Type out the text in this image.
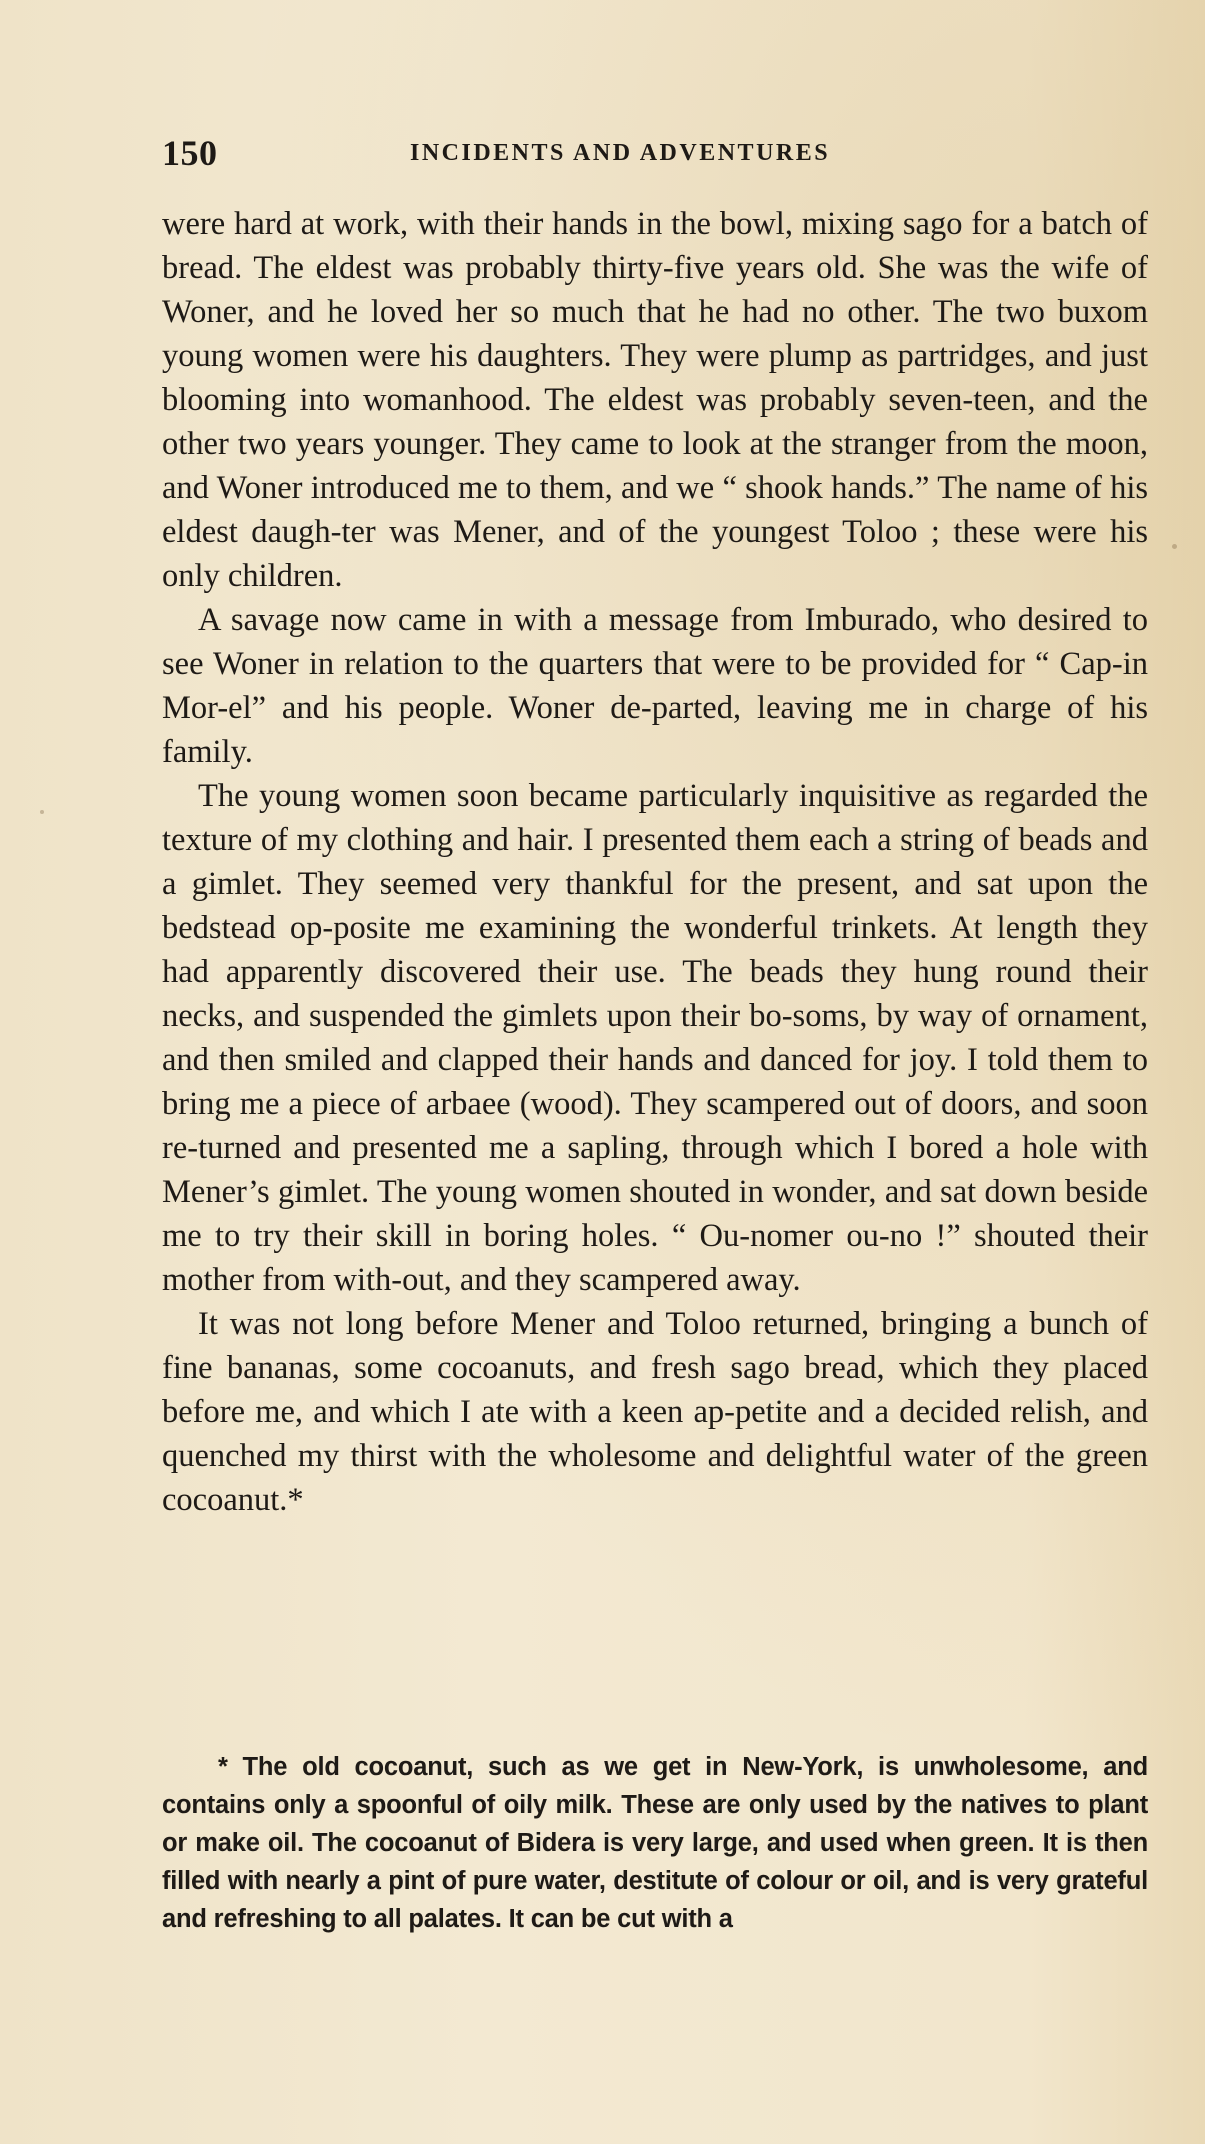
150	INCIDENTS AND ADVENTURES

were hard at work, with their hands in the bowl, mixing sago for a batch of bread. The eldest was probably thirty-five years old. She was the wife of Woner, and he loved her so much that he had no other. The two buxom young women were his daughters. They were plump as partridges, and just blooming into womanhood. The eldest was probably seven-teen, and the other two years younger. They came to look at the stranger from the moon, and Woner introduced me to them, and we “ shook hands.” The name of his eldest daugh-ter was Mener, and of the youngest Toloo ; these were his only children.

A savage now came in with a message from Imburado, who desired to see Woner in relation to the quarters that were to be provided for “ Cap-in Mor-el” and his people. Woner de-parted, leaving me in charge of his family.

The young women soon became particularly inquisitive as regarded the texture of my clothing and hair. I presented them each a string of beads and a gimlet. They seemed very thankful for the present, and sat upon the bedstead op-posite me examining the wonderful trinkets. At length they had apparently discovered their use. The beads they hung round their necks, and suspended the gimlets upon their bo-soms, by way of ornament, and then smiled and clapped their hands and danced for joy. I told them to bring me a piece of arbaee (wood). They scampered out of doors, and soon re-turned and presented me a sapling, through which I bored a hole with Mener’s gimlet. The young women shouted in wonder, and sat down beside me to try their skill in boring holes. “ Ou-nomer ou-no !” shouted their mother from with-out, and they scampered away.

It was not long before Mener and Toloo returned, bringing a bunch of fine bananas, some cocoanuts, and fresh sago bread, which they placed before me, and which I ate with a keen ap-petite and a decided relish, and quenched my thirst with the wholesome and delightful water of the green cocoanut.*

* The old cocoanut, such as we get in New-York, is unwholesome, and contains only a spoonful of oily milk. These are only used by the natives to plant or make oil. The cocoanut of Bidera is very large, and used when green. It is then filled with nearly a pint of pure water, destitute of colour or oil, and is very grateful and refreshing to all palates. It can be cut with a
